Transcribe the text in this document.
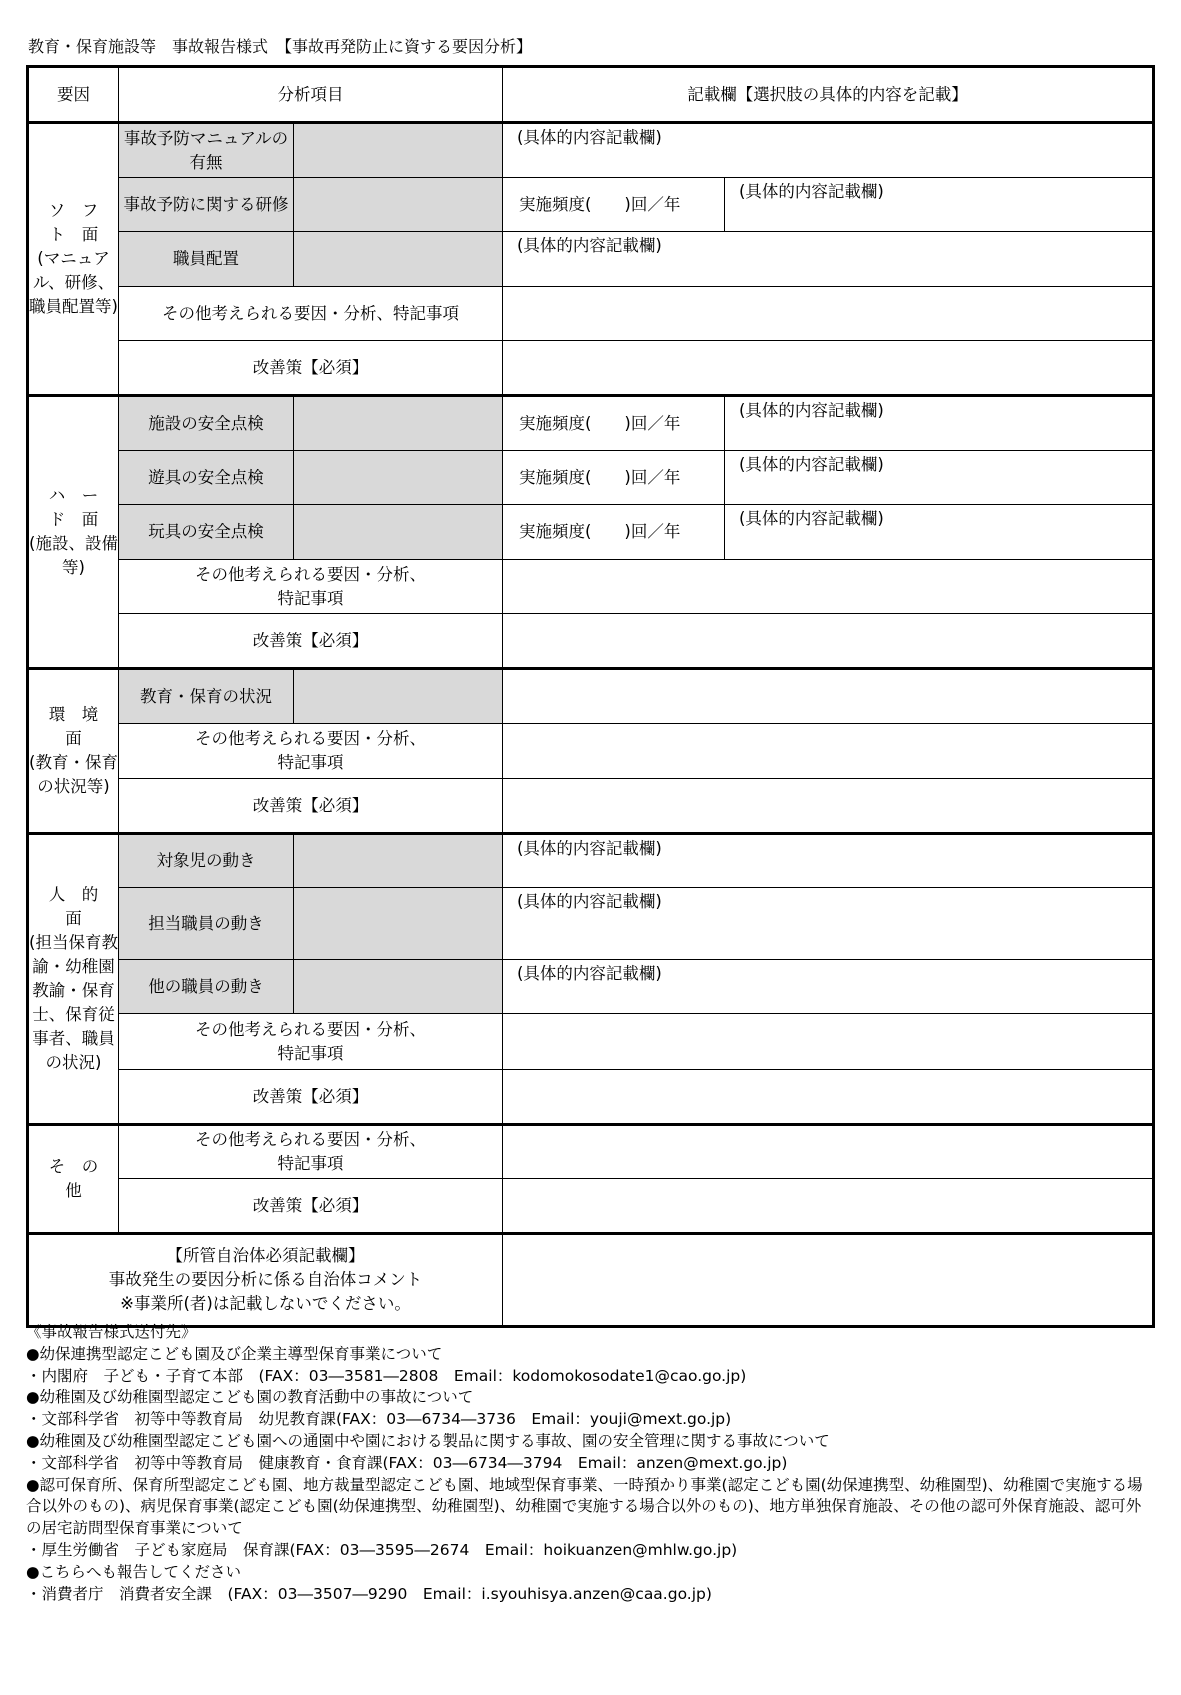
教育・保育施設等　事故報告様式　【事故再発防止に資する要因分析】
要因	分析項目		記載欄【選択肢の具体的内容を記載】	
ソ　フ
ト　面
(マニュアル、研修、職員配置等)	事故予防マニュアルの有無		(具体的内容記載欄)	
	事故予防に関する研修		実施頻度(　　)回／年	(具体的内容記載欄)
	職員配置		(具体的内容記載欄)	
	その他考えられる要因・分析、特記事項			
	改善策【必須】			
ハ　ー
ド　面
(施設、設備等)	施設の安全点検		実施頻度(　　)回／年	(具体的内容記載欄)
	遊具の安全点検		実施頻度(　　)回／年	(具体的内容記載欄)
	玩具の安全点検		実施頻度(　　)回／年	(具体的内容記載欄)
	その他考えられる要因・分析、
特記事項			
	改善策【必須】			
環　境
面
(教育・保育の状況等)	教育・保育の状況			
	その他考えられる要因・分析、
特記事項			
	改善策【必須】			
人　的
面
(担当保育教諭・幼稚園教諭・保育士、保育従事者、職員の状況)	対象児の動き		(具体的内容記載欄)	
	担当職員の動き		(具体的内容記載欄)	
	他の職員の動き		(具体的内容記載欄)	
	その他考えられる要因・分析、
特記事項			
	改善策【必須】			
そ　の
他	その他考えられる要因・分析、
特記事項			
	改善策【必須】			
【所管自治体必須記載欄】
事故発生の要因分析に係る自治体コメント
※事業所(者)は記載しないでください。				
《事故報告様式送付先》
●幼保連携型認定こども園及び企業主導型保育事業について
・内閣府　子ども・子育て本部　(FAX：03―3581―2808　Email：kodomokosodate1@cao.go.jp)
●幼稚園及び幼稚園型認定こども園の教育活動中の事故について
・文部科学省　初等中等教育局　幼児教育課(FAX：03―6734―3736　Email：youji@mext.go.jp)
●幼稚園及び幼稚園型認定こども園への通園中や園における製品に関する事故、園の安全管理に関する事故について
・文部科学省　初等中等教育局　健康教育・食育課(FAX：03―6734―3794　Email：anzen@mext.go.jp)
●認可保育所、保育所型認定こども園、地方裁量型認定こども園、地域型保育事業、一時預かり事業(認定こども園(幼保連携型、幼稚園型)、幼稚園で実施する場合以外のもの)、病児保育事業(認定こども園(幼保連携型、幼稚園型)、幼稚園で実施する場合以外のもの)、地方単独保育施設、その他の認可外保育施設、認可外の居宅訪問型保育事業について
・厚生労働省　子ども家庭局　保育課(FAX：03―3595―2674　Email：hoikuanzen@mhlw.go.jp)
●こちらへも報告してください
・消費者庁　消費者安全課　(FAX：03―3507―9290　Email：i.syouhisya.anzen@caa.go.jp)
